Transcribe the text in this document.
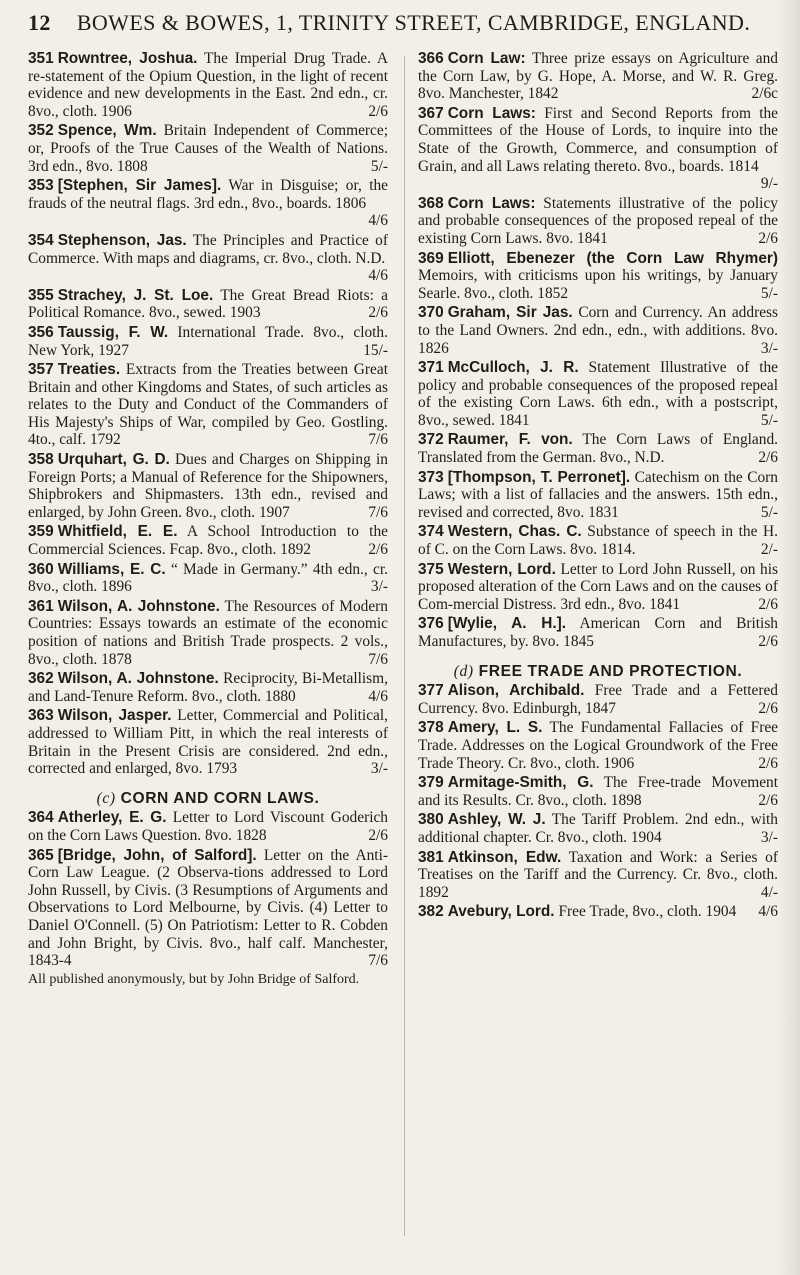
12 BOWES & BOWES, 1, TRINITY STREET, CAMBRIDGE, ENGLAND.

351 Rowntree, Joshua. The Imperial Drug Trade. A re-statement of the Opium Question, in the light of recent evidence and new developments in the East. 2nd edn., cr. 8vo., cloth. 1906	2/6

352 Spence, Wm. Britain Independent of Commerce; or, Proofs of the True Causes of the Wealth of Nations. 3rd edn., 8vo. 1808	5/-

353 [Stephen, Sir James]. War in Disguise; or, the frauds of the neutral flags. 3rd edn., 8vo., boards. 1806
4/6

354 Stephenson, Jas. The Principles and Practice of Commerce. With maps and diagrams, cr. 8vo., cloth. N.D.
4/6

355 Strachey, J. St. Loe. The Great Bread Riots: a Political Romance. 8vo., sewed. 1903	2/6

356 Taussig, F. W. International Trade. 8vo., cloth. New York, 1927	15/-

357 Treaties. Extracts from the Treaties between Great Britain and other Kingdoms and States, of such articles as relates to the Duty and Conduct of the Commanders of His Majesty's Ships of War, compiled by Geo. Gostling. 4to., calf. 1792	7/6

358 Urquhart, G. D. Dues and Charges on Shipping in Foreign Ports; a Manual of Reference for the Shipowners, Shipbrokers and Shipmasters. 13th edn., revised and enlarged, by John Green. 8vo., cloth. 1907	7/6

359 Whitfield, E. E. A School Introduction to the Commercial Sciences. Fcap. 8vo., cloth. 1892	2/6

360 Williams, E. C. “ Made in Germany.” 4th edn., cr. 8vo., cloth. 1896	3/-

361 Wilson, A. Johnstone. The Resources of Modern Countries: Essays towards an estimate of the economic position of nations and British Trade prospects. 2 vols., 8vo., cloth. 1878	7/6

362 Wilson, A. Johnstone. Reciprocity, Bi-Metallism, and Land-Tenure Reform. 8vo., cloth. 1880	4/6

363 Wilson, Jasper. Letter, Commercial and Political, addressed to William Pitt, in which the real interests of Britain in the Present Crisis are considered. 2nd edn., corrected and enlarged, 8vo. 1793	3/-

(c) CORN AND CORN LAWS.

364 Atherley, E. G. Letter to Lord Viscount Goderich on the Corn Laws Question. 8vo. 1828	2/6

365 [Bridge, John, of Salford]. Letter on the Anti-Corn Law League. (2 Observa-tions addressed to Lord John Russell, by Civis. (3 Resumptions of Arguments and Observations to Lord Melbourne, by Civis. (4) Letter to Daniel O'Connell. (5) On Patriotism: Letter to R. Cobden and John Bright, by Civis. 8vo., half calf. Manchester, 1843-4	7/6

All published anonymously, but by John Bridge of Salford.

366 Corn Law: Three prize essays on Agriculture and the Corn Law, by G. Hope, A. Morse, and W. R. Greg. 8vo. Manchester, 1842	2/6c

367 Corn Laws: First and Second Reports from the Committees of the House of Lords, to inquire into the State of the Growth, Commerce, and consumption of Grain, and all Laws relating thereto. 8vo., boards. 1814
9/-

368 Corn Laws: Statements illustrative of the policy and probable consequences of the proposed repeal of the existing Corn Laws. 8vo. 1841	2/6

369 Elliott, Ebenezer (the Corn Law Rhymer) Memoirs, with criticisms upon his writings, by January Searle. 8vo., cloth. 1852	5/-

370 Graham, Sir Jas. Corn and Currency. An address to the Land Owners. 2nd edn., edn., with additions. 8vo. 1826	3/-

371 McCulloch, J. R. Statement Illustrative of the policy and probable consequences of the proposed repeal of the existing Corn Laws. 6th edn., with a postscript, 8vo., sewed. 1841	5/-

372 Raumer, F. von. The Corn Laws of England. Translated from the German. 8vo., N.D.	2/6

373 [Thompson, T. Perronet]. Catechism on the Corn Laws; with a list of fallacies and the answers. 15th edn., revised and corrected, 8vo. 1831	5/-

374 Western, Chas. C. Substance of speech in the H. of C. on the Corn Laws. 8vo. 1814.	2/-

375 Western, Lord. Letter to Lord John Russell, on his proposed alteration of the Corn Laws and on the causes of Com-mercial Distress. 3rd edn., 8vo. 1841	2/6

376 [Wylie, A. H.]. American Corn and British Manufactures, by. 8vo. 1845	2/6

(d) FREE TRADE AND PROTECTION.

377 Alison, Archibald. Free Trade and a Fettered Currency. 8vo. Edinburgh, 1847	2/6

378 Amery, L. S. The Fundamental Fallacies of Free Trade. Addresses on the Logical Groundwork of the Free Trade Theory. Cr. 8vo., cloth. 1906	2/6

379 Armitage-Smith, G. The Free-trade Movement and its Results. Cr. 8vo., cloth. 1898	2/6

380 Ashley, W. J. The Tariff Problem. 2nd edn., with additional chapter. Cr. 8vo., cloth. 1904	3/-

381 Atkinson, Edw. Taxation and Work: a Series of Treatises on the Tariff and the Currency. Cr. 8vo., cloth. 1892	4/-

382 Avebury, Lord. Free Trade, 8vo., cloth. 1904 4/6
